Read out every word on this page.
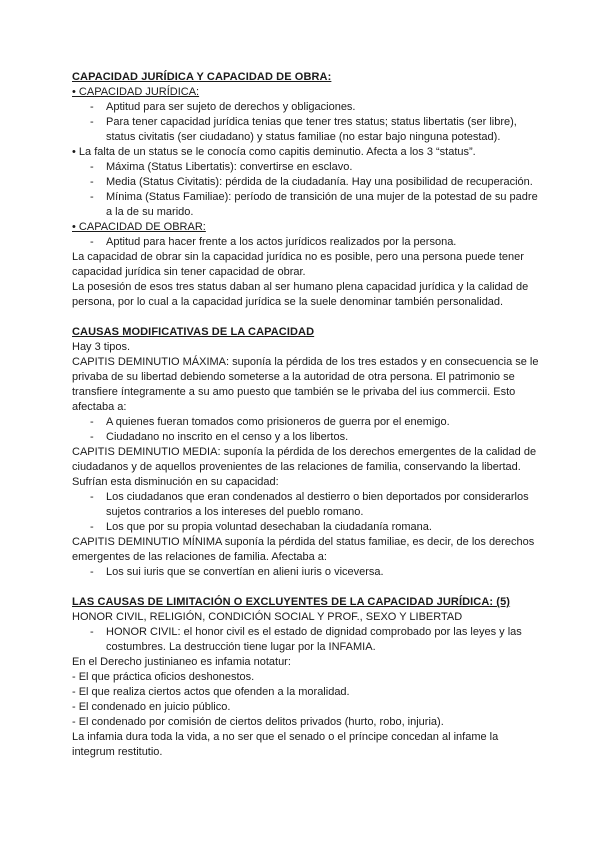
CAPACIDAD JURÍDICA Y CAPACIDAD DE OBRA:

• CAPACIDAD JURÍDICA:

- Aptitud para ser sujeto de derechos y obligaciones.
- Para tener capacidad jurídica tenias que tener tres status; status libertatis (ser libre), status civitatis (ser ciudadano) y status familiae (no estar bajo ninguna potestad).

• La falta de un status se le conocía como capitis deminutio. Afecta a los 3 “status”.

- Máxima (Status Libertatis): convertirse en esclavo.
- Media (Status Civitatis): pérdida de la ciudadanía. Hay una posibilidad de recuperación.
- Mínima (Status Familiae): período de transición de una mujer de la potestad de su padre a la de su marido.

• CAPACIDAD DE OBRAR:

- Aptitud para hacer frente a los actos jurídicos realizados por la persona.

La capacidad de obrar sin la capacidad jurídica no es posible, pero una persona puede tener capacidad jurídica sin tener capacidad de obrar.

La posesión de esos tres status daban al ser humano plena capacidad jurídica y la calidad de persona, por lo cual a la capacidad jurídica se la suele denominar también personalidad.

CAUSAS MODIFICATIVAS DE LA CAPACIDAD

Hay 3 tipos.

CAPITIS DEMINUTIO MÁXIMA: suponía la pérdida de los tres estados y en consecuencia se le privaba de su libertad debiendo someterse a la autoridad de otra persona. El patrimonio se transfiere íntegramente a su amo puesto que también se le privaba del ius commercii. Esto afectaba a:

- A quienes fueran tomados como prisioneros de guerra por el enemigo.
- Ciudadano no inscrito en el censo y a los libertos.

CAPITIS DEMINUTIO MEDIA: suponía la pérdida de los derechos emergentes de la calidad de ciudadanos y de aquellos provenientes de las relaciones de familia, conservando la libertad. Sufrían esta disminución en su capacidad:

- Los ciudadanos que eran condenados al destierro o bien deportados por considerarlos sujetos contrarios a los intereses del pueblo romano.
- Los que por su propia voluntad desechaban la ciudadanía romana.

CAPITIS DEMINUTIO MÍNIMA suponía la pérdida del status familiae, es decir, de los derechos emergentes de las relaciones de familia. Afectaba a:

- Los sui iuris que se convertían en alieni iuris o viceversa.

LAS CAUSAS DE LIMITACIÓN O EXCLUYENTES DE LA CAPACIDAD JURÍDICA: (5)

HONOR CIVIL, RELIGIÓN, CONDICIÓN SOCIAL Y PROF., SEXO Y LIBERTAD

- HONOR CIVIL: el honor civil es el estado de dignidad comprobado por las leyes y las costumbres. La destrucción tiene lugar por la INFAMIA.

En el Derecho justinianeo es infamia notatur:

- El que práctica oficios deshonestos.

- El que realiza ciertos actos que ofenden a la moralidad.

- El condenado en juicio público.

- El condenado por comisión de ciertos delitos privados (hurto, robo, injuria).

La infamia dura toda la vida, a no ser que el senado o el príncipe concedan al infame la integrum restitutio.
